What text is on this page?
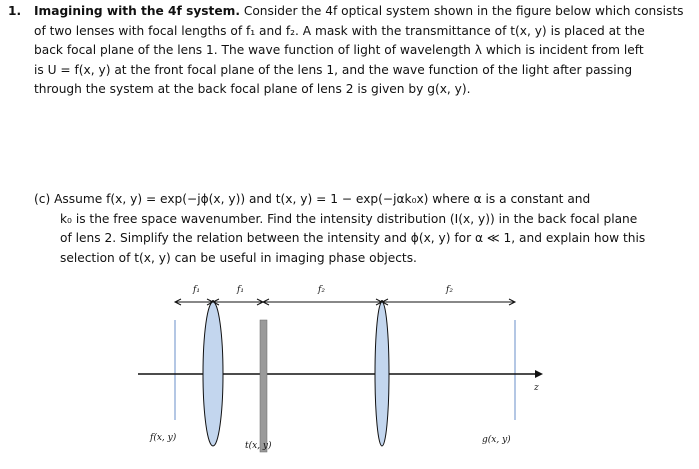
1. Imagining with the 4f system. Consider the 4f optical system shown in the figure below which consists
of two lenses with focal lengths of f₁ and f₂. A mask with the transmittance of t(x, y) is placed at the
back focal plane of the lens 1. The wave function of light of wavelength λ which is incident from left
is U = f(x, y) at the front focal plane of the lens 1, and the wave function of the light after passing
through the system at the back focal plane of lens 2 is given by g(x, y).
(c) Assume f(x, y) = exp(−jϕ(x, y)) and t(x, y) = 1 − exp(−jαk₀x) where α is a constant and
k₀ is the free space wavenumber. Find the intensity distribution (I(x, y)) in the back focal plane
of lens 2. Simplify the relation between the intensity and ϕ(x, y) for α ≪ 1, and explain how this
selection of t(x, y) can be useful in imaging phase objects.
f₁	f₁	f₂	f₂
z
f(x, y)
t(x, y)
g(x, y)
